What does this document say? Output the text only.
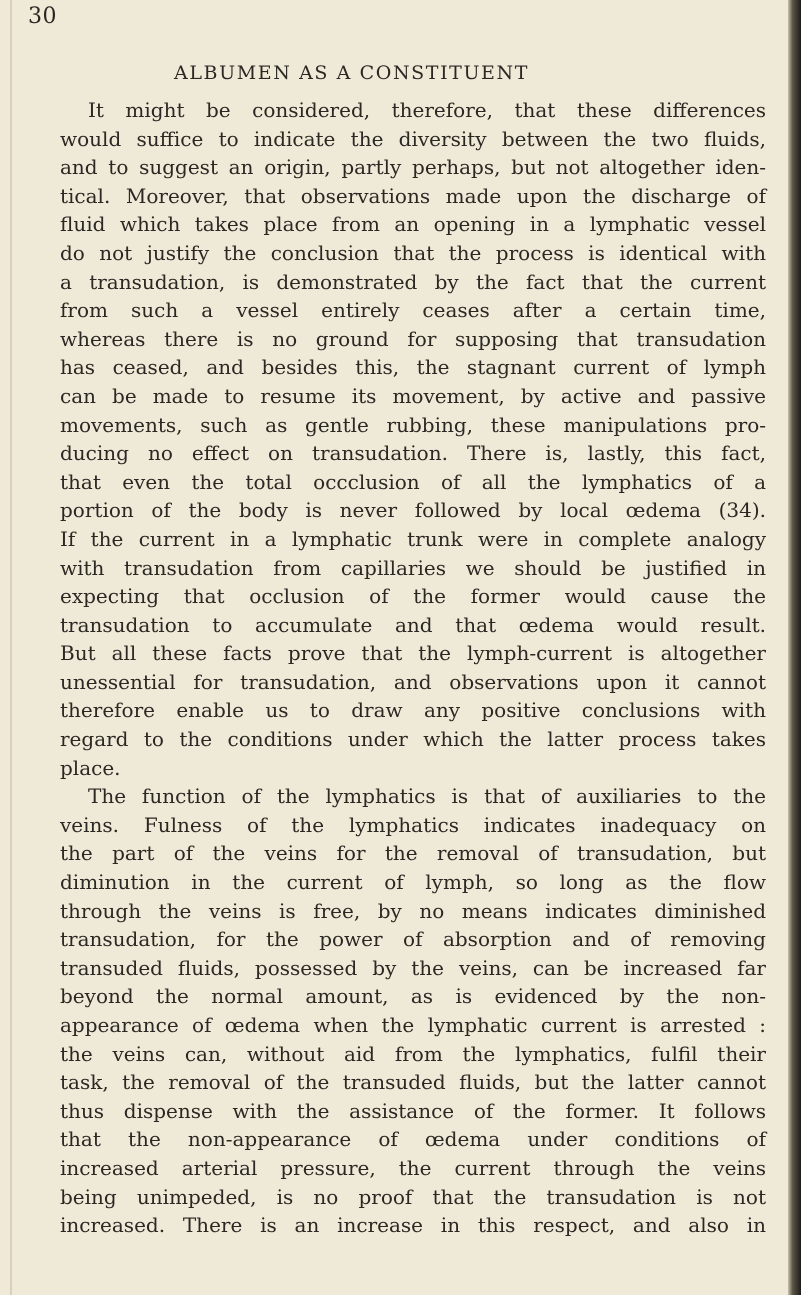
30
ALBUMEN AS A CONSTITUENT
It might be considered, therefore, that these differences
would suffice to indicate the diversity between the two fluids,
and to suggest an origin, partly perhaps, but not altogether iden-
tical. Moreover, that observations made upon the discharge of
fluid which takes place from an opening in a lymphatic vessel
do not justify the conclusion that the process is identical with
a transudation, is demonstrated by the fact that the current
from such a vessel entirely ceases after a certain time,
whereas there is no ground for supposing that transudation
has ceased, and besides this, the stagnant current of lymph
can be made to resume its movement, by active and passive
movements, such as gentle rubbing, these manipulations pro-
ducing no effect on transudation. There is, lastly, this fact,
that even the total occclusion of all the lymphatics of a
portion of the body is never followed by local œdema (34).
If the current in a lymphatic trunk were in complete analogy
with transudation from capillaries we should be justified in
expecting that occlusion of the former would cause the
transudation to accumulate and that œdema would result.
But all these facts prove that the lymph-current is altogether
unessential for transudation, and observations upon it cannot
therefore enable us to draw any positive conclusions with
regard to the conditions under which the latter process takes
place.
The function of the lymphatics is that of auxiliaries to the
veins. Fulness of the lymphatics indicates inadequacy on
the part of the veins for the removal of transudation, but
diminution in the current of lymph, so long as the flow
through the veins is free, by no means indicates diminished
transudation, for the power of absorption and of removing
transuded fluids, possessed by the veins, can be increased far
beyond the normal amount, as is evidenced by the non-
appearance of œdema when the lymphatic current is arrested :
the veins can, without aid from the lymphatics, fulfil their
task, the removal of the transuded fluids, but the latter cannot
thus dispense with the assistance of the former. It follows
that the non-appearance of œdema under conditions of
increased arterial pressure, the current through the veins
being unimpeded, is no proof that the transudation is not
increased. There is an increase in this respect, and also in
